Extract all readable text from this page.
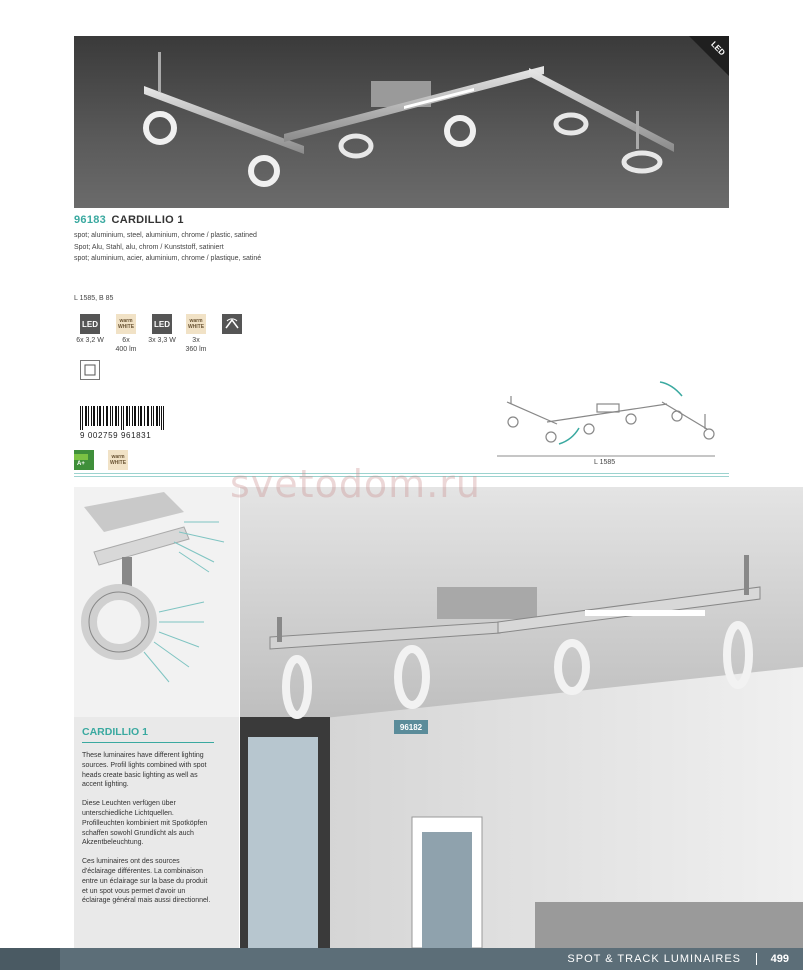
LED
96183 CARDILLIO 1
spot; aluminium, steel, aluminium, chrome / plastic, satined
Spot; Alu, Stahl, alu, chrom / Kunststoff, satiniert
spot; aluminium, acier, aluminium, chrome / plastique, satiné
L 1585, B 85
LED
6x 3,2 W
warm
WHITE
6x
400 lm
LED
3x 3,3 W
warm
WHITE
3x
360 lm
9 002759 961831
A+
warm
WHITE	L 1585
CARDILLIO 1

These luminaires have different lighting sources. Profil lights combined with spot heads create basic lighting as well as accent lighting.

Diese Leuchten verfügen über unterschiedliche Lichtquellen. Profilleuchten kombiniert mit Spotköpfen schaffen sowohl Grundlicht als auch Akzentbeleuchtung.

Ces luminaires ont des sources d'éclairage différentes. La combinaison entre un éclairage sur la base du produit et un spot vous permet d'avoir un éclairage général mais aussi directionnel.

96182
svetodom.ru
SPOT & TRACK LUMINAIRES	499
